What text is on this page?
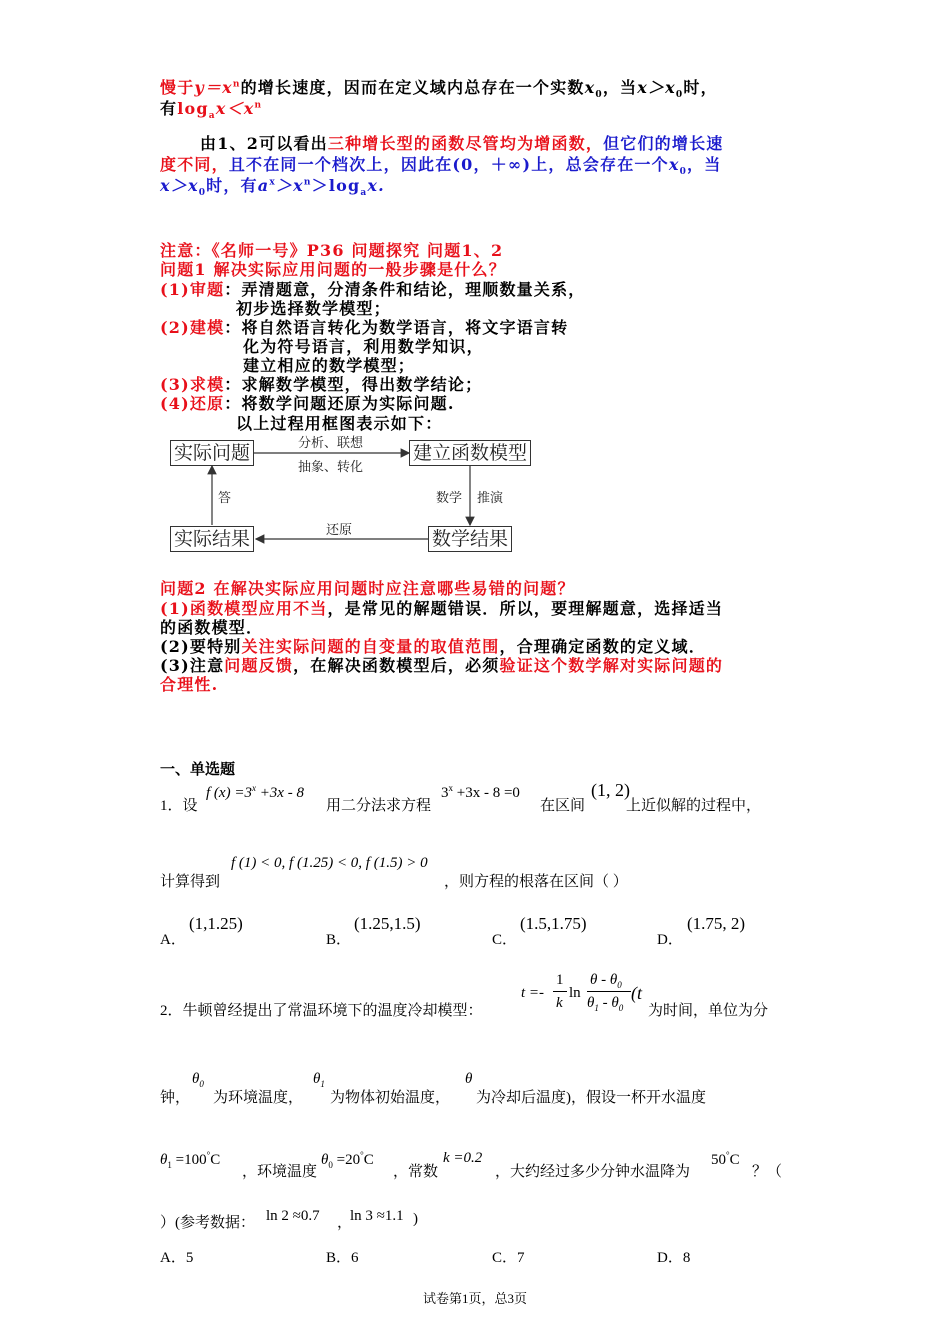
慢于$y=x^n$的增长速度，因而在定义域内总存在一个实数$x_0$，当$x>x_0$时，
有$\log_ax<x^n$
由1、2可以看出三种增长型的函数尽管均为增函数，但它们的增长速
度不同，且不在同一个档次上，因此在(0，＋∞)上，总会存在一个$x_0$，当
$x>x_0$时，有$a^x>x^n>\log_ax$.
注意：《名师一号》P36 问题探究 问题1、2
问题1 解决实际应用问题的一般步骤是什么？
(1)审题：弄清题意，分清条件和结论，理顺数量关系，
初步选择数学模型；
(2)建模：将自然语言转化为数学语言，将文字语言转
化为符号语言，利用数学知识，
建立相应的数学模型；
(3)求模：求解数学模型，得出数学结论；
(4)还原：将数学问题还原为实际问题.
以上过程用框图表示如下：
实际问题	建立函数模型
数学结果
实际结果
分析、联想
抽象、转化
数学 推演
答
还原
问题2 在解决实际应用问题时应注意哪些易错的问题？
(1)函数模型应用不当，是常见的解题错误．所以，要理解题意，选择适当
的函数模型．
(2)要特别关注实际问题的自变量的取值范围，合理确定函数的定义域．
(3)注意问题反馈，在解决函数模型后，必须验证这个数学解对实际问题的
合理性.
一、单选题
1．设
f $(x) =3^x +3x - 8$
用二分法求方程
$3^x +3x - 8 =0$
在区间
(1, 2)
上近似解的过程中，
计算得到
f (1) < 0, f (1.25) < 0, f (1.5) > 0
，则方程的根落在区间（ ）
A．
(1,1.25)
B．
(1.25,1.5)
C．
(1.5,1.75)
D．
(1.75, 2)
2．牛顿曾经提出了常温环境下的温度冷却模型：
t =-
1
k
ln
θ - $\theta_0$
$\theta_1 - \theta_0$
(t
为时间，单位为分
钟，
$\theta_0$
为环境温度，
$\theta_1$
为物体初始温度，
θ
为冷却后温度)，假设一杯开水温度
$\theta_1 =100^\circ C$
，环境温度
$\theta_0 =20^\circ C$
，常数
k =0.2
，大约经过多少分钟水温降为
50°C
？（
）(参考数据： ln 2 ≈0.7 ，
ln 3 ≈1.1 )
A．5	B．6	C．7	D．8
试卷第1页，总3页
